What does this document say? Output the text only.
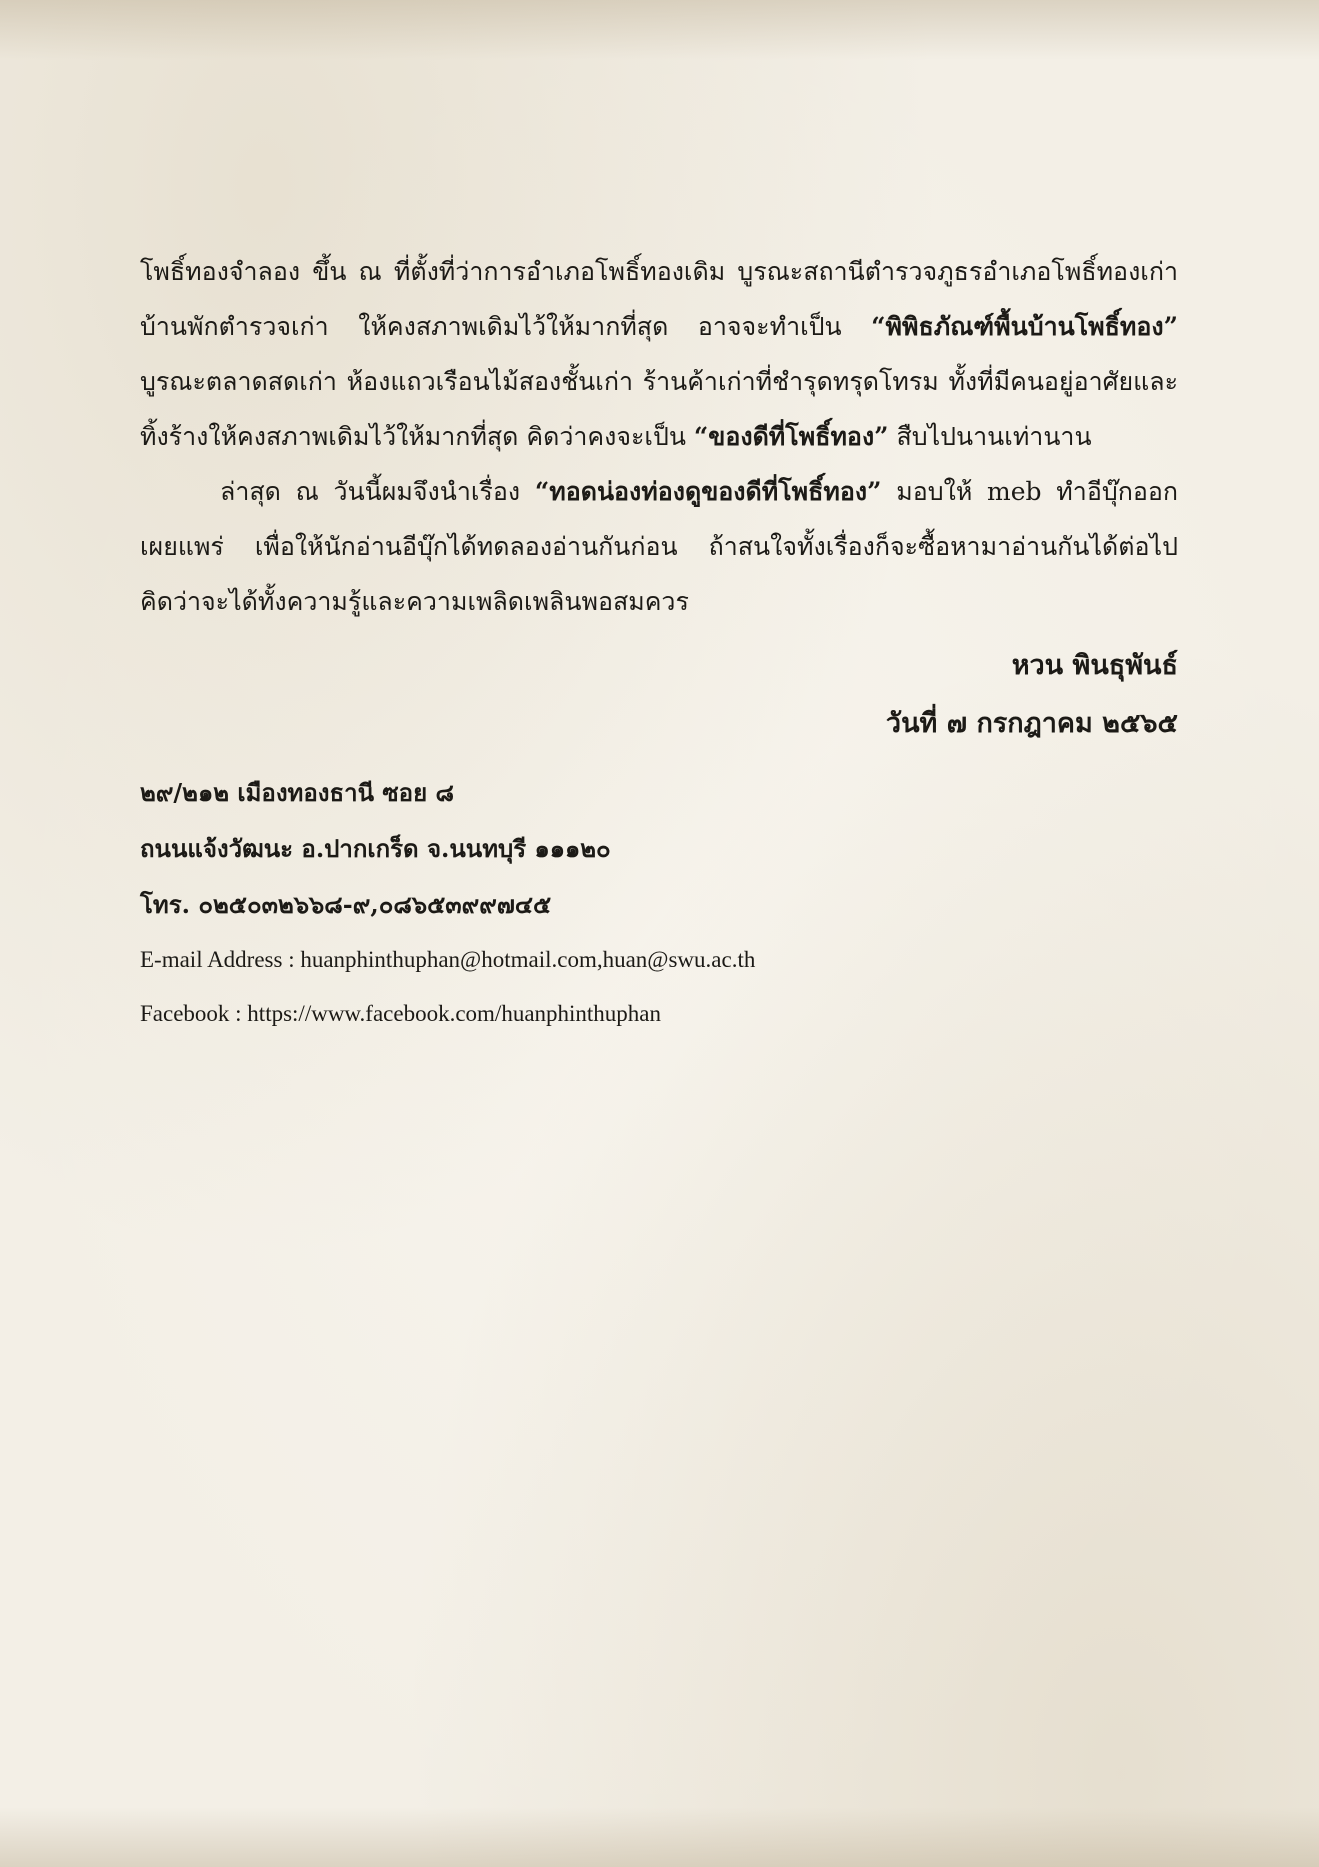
โพธิ์ทองจำลอง ขึ้น ณ ที่ตั้งที่ว่าการอำเภอโพธิ์ทองเดิม บูรณะสถานีตำรวจภูธรอำเภอโพธิ์ทองเก่า
บ้านพักตำรวจเก่า ให้คงสภาพเดิมไว้ให้มากที่สุด อาจจะทำเป็น “พิพิธภัณฑ์พื้นบ้านโพธิ์ทอง”
บูรณะตลาดสดเก่า ห้องแถวเรือนไม้สองชั้นเก่า ร้านค้าเก่าที่ชำรุดทรุดโทรม ทั้งที่มีคนอยู่อาศัยและ
ทิ้งร้างให้คงสภาพเดิมไว้ให้มากที่สุด คิดว่าคงจะเป็น “ของดีที่โพธิ์ทอง” สืบไปนานเท่านาน
ล่าสุด ณ วันนี้ผมจึงนำเรื่อง “ทอดน่องท่องดูของดีที่โพธิ์ทอง” มอบให้ meb ทำอีบุ๊กออก
เผยแพร่ เพื่อให้นักอ่านอีบุ๊กได้ทดลองอ่านกันก่อน ถ้าสนใจทั้งเรื่องก็จะซื้อหามาอ่านกันได้ต่อไป
คิดว่าจะได้ทั้งความรู้และความเพลิดเพลินพอสมควร
หวน พินธุพันธ์
วันที่ ๗ กรกฎาคม ๒๕๖๕
๒๙/๒๑๒ เมืองทองธานี ซอย ๘
ถนนแจ้งวัฒนะ อ.ปากเกร็ด จ.นนทบุรี ๑๑๑๒๐
โทร. ๐๒๕๐๓๒๖๖๘-๙,๐๘๖๕๓๙๙๗๔๕
E-mail Address : huanphinthuphan@hotmail.com,huan@swu.ac.th
Facebook : https://www.facebook.com/huanphinthuphan
